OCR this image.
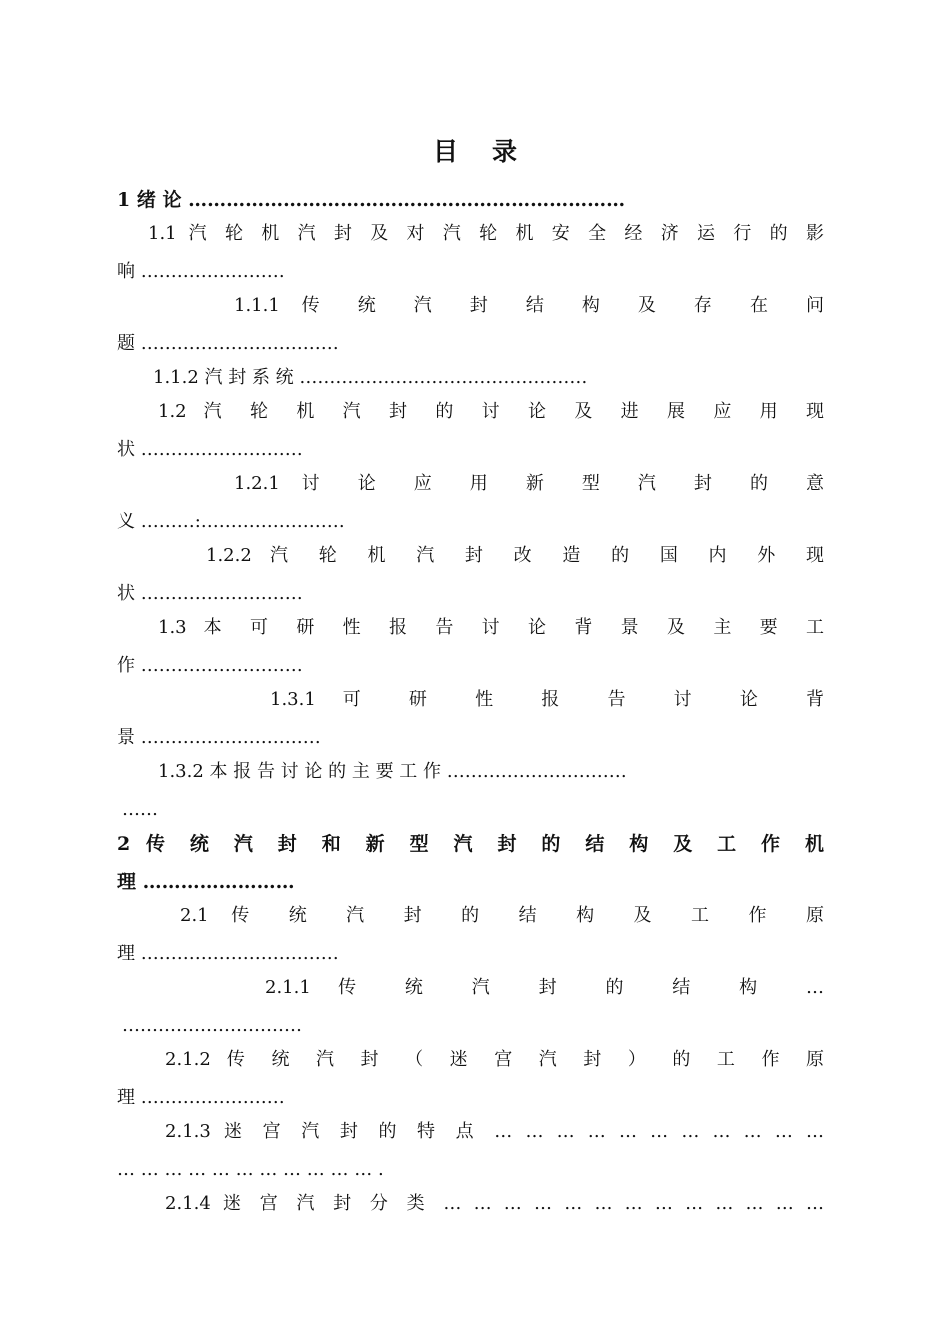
目 录
1 绪 论 ……………………………………………………………
1.1 汽 轮 机 汽 封 及 对 汽 轮 机 安 全 经 济 运 行 的 影
响 ……………………
1.1.1 传 统 汽 封 结 构 及 存 在 问
题 ……………………………
1.1.2 汽 封 系 统 …………………………………………
1.2 汽 轮 机 汽 封 的 讨 论 及 进 展 应 用 现
状 ………………………
1.2.1 讨 论 应 用 新 型 汽 封 的 意
义 ………:……………………
1.2.2 汽 轮 机 汽 封 改 造 的 国 内 外 现
状 ………………………
1.3 本 可 研 性 报 告 讨 论 背 景 及 主 要 工
作 ………………………
1.3.1 可 研 性 报 告 讨 论 背
景 …………………………
1.3.2 本 报 告 讨 论 的 主 要 工 作 …………………………
……
2 传 统 汽 封 和 新 型 汽 封 的 结 构 及 工 作 机
理 ……………………
2.1 传 统 汽 封 的 结 构 及 工 作 原
理 ……………………………
2.1.1 传 统 汽 封 的 结 构 …
…………………………
2.1.2 传 统 汽 封 （ 迷 宫 汽 封 ） 的 工 作 原
理 ……………………
2.1.3 迷 宫 汽 封 的 特 点 … … … … … … … … … … …
… … … … … … … … … … … .
2.1.4 迷 宫 汽 封 分 类 … … … … … … … … … … … … …
